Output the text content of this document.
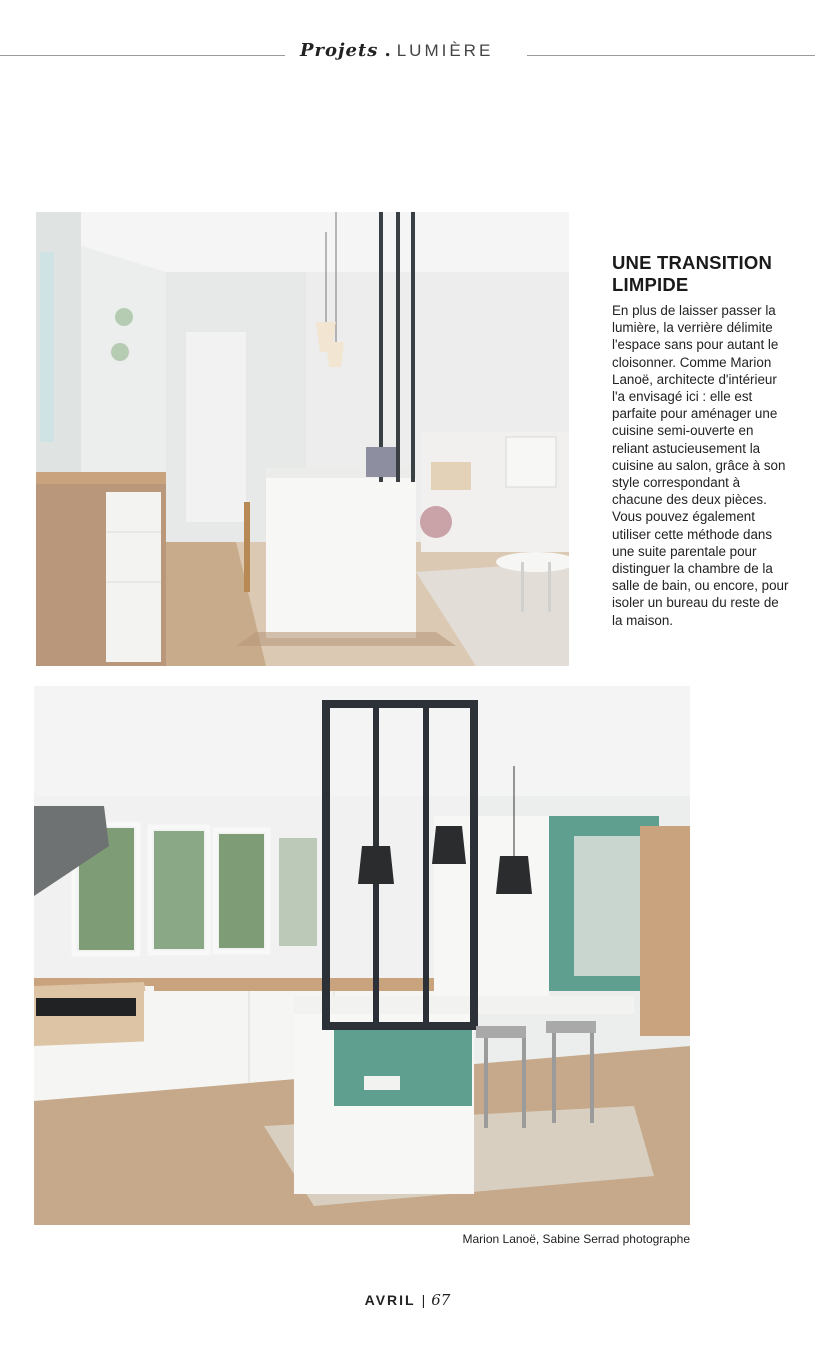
Projets . LUMIÈRE
UNE TRANSITION LIMPIDE

En plus de laisser passer la lumière, la verrière délimite l'espace sans pour autant le cloisonner. Comme Marion Lanoë, architecte d'intérieur l'a envisagé ici : elle est parfaite pour aménager une cuisine semi-ouverte en reliant astucieusement la cuisine au salon, grâce à son style correspondant à chacune des deux pièces. Vous pouvez également utiliser cette méthode dans une suite parentale pour distinguer la chambre de la salle de bain, ou encore, pour isoler un bureau du reste de la maison.

Marion Lanoë, Sabine Serrad photographe
AVRIL | 67
